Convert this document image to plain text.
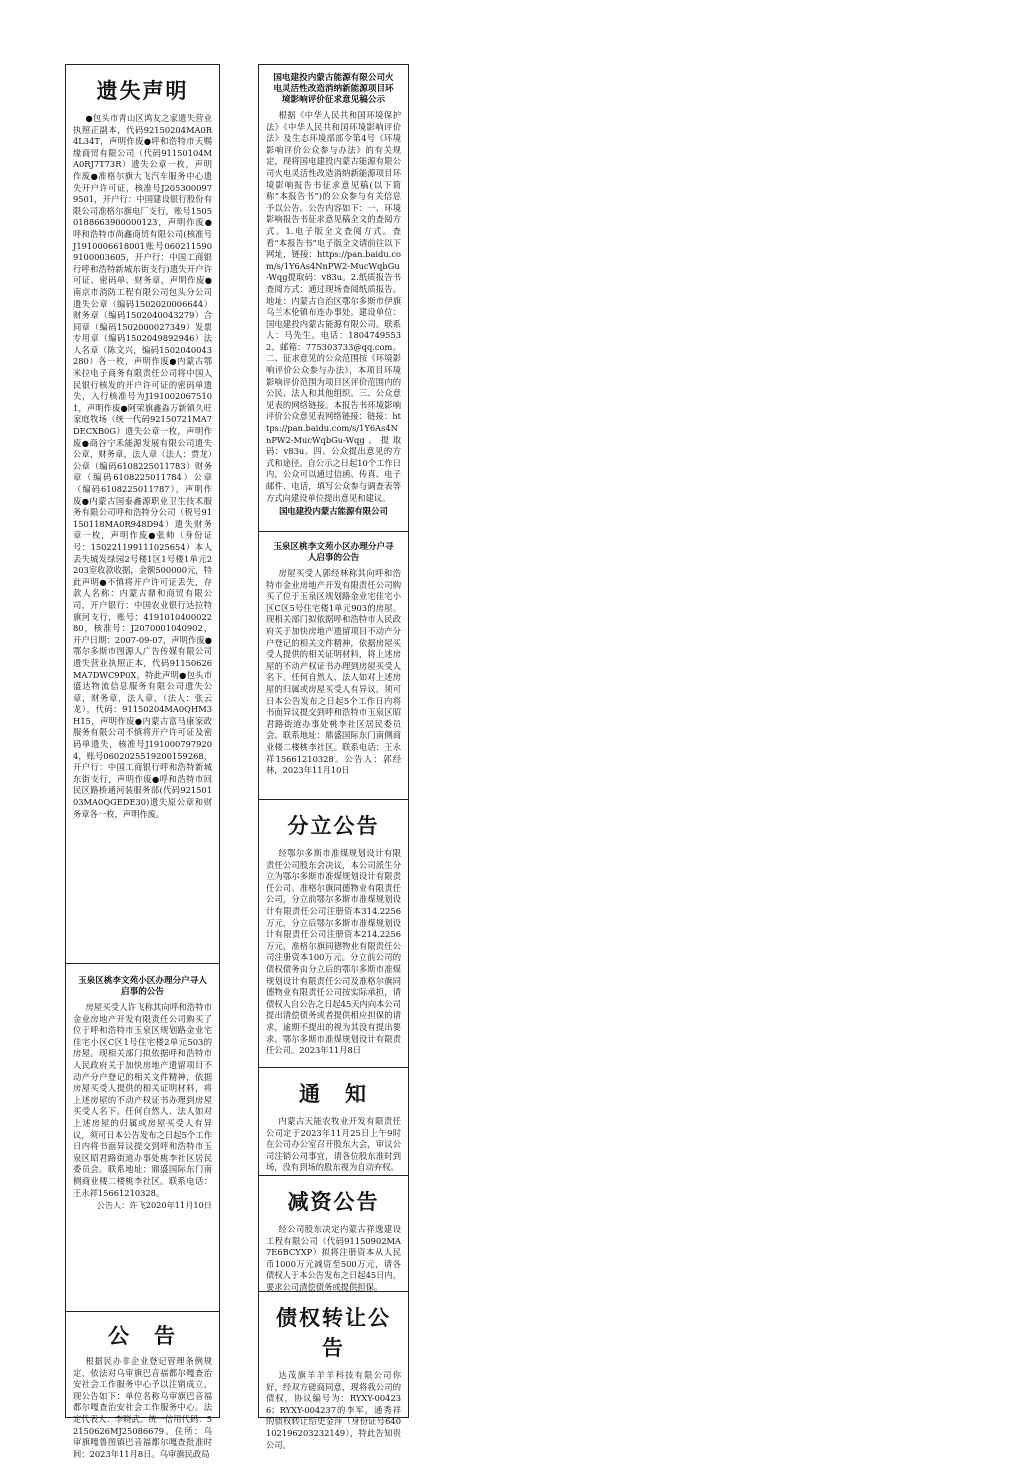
遗失声明

●包头市青山区鸿友之家遗失营业执照正副本，代码92150204MA0R4L34T，声明作废●呼和浩特市天赐缘商贸有限公司（代码91150104MA0RJ7T73R）遗失公章一枚，声明作废●准格尔旗大飞汽车服务中心遗失开户许可证，核准号J2053000979501，开户行：中国建设银行股份有限公司准格尔旗电厂支行，账号15050188663900000123，声明作废●呼和浩特市尚鑫商贸有限公司(核准号J1910006618001账号0602115909100003605，开户行：中国工商银行呼和浩特新城东街支行)遗失开户许可证、密码单、财务章，声明作废●南京市消防工程有限公司包头分公司遗失公章（编码1502020006644）财务章（编码1502040043279）合同章（编码1502000027349）发票专用章（编码1502049892946）法人名章（陈文兴，编码1502040043280）各一枚，声明作废●内蒙古鄂米拉电子商务有限责任公司将中国人民银行核发的开户许可证的密码单遗失，入行核准号为J1910020675101，声明作废●阿荣旗鑫淼万新镇久旺家庭牧场（统一代码92150721MA7DECXB0G）遗失公章一枚，声明作废●商谷宁禾能源发展有限公司遗失公章，财务章，法人章（法人：贾龙）公章（编码6108225011783）财务章（编码6108225011784）公章（编码6108225011787），声明作废●内蒙古国泰鑫源职业卫生技术服务有限公司呼和浩特分公司（税号91150118MA0R948D94）遗失财务章一枚，声明作废●张帅（身份证号：150221199111025654）本人丢失城发绿园2号楼1区1号楼1单元2203室收款收据，金额500000元，特此声明●不慎将开户许可证丢失，存款人名称：内蒙古鼎和商贸有限公司，开户银行：中国农业银行达拉特旗河支行，账号：419101040002280，核准号：J2070001040902，开户日期：2007-09-07，声明作废●鄂尔多斯市图源人广告传媒有限公司遗失营业执照正本，代码91150626MA7DWC9P0X，特此声明●包头市盛达物流信息服务有限公司遗失公章，财务章，法人章，（法人：张云龙），代码：91150204MA0QHM3H15，声明作废●内蒙古富马康家政服务有限公司不慎将开户许可证及密码单遗失，核准号J1910007979204，账号0602025519200159268，开户行：中国工商银行呼和浩特新城东街支行，声明作废●呼和浩特市回民区路桥通河装服务部(代码92150103MA0QGEDE30)遗失原公章和财务章各一枚，声明作废。

玉泉区桃李文苑小区办理分户寻人启事的公告

房屋买受人许飞称其向呼和浩特市金业房地产开发有限责任公司购买了位于呼和浩特市玉泉区规划路金业宅佳宅小区C区1号住宅楼2单元503的房屋。现相关部门拟依据呼和浩特市人民政府关于加快房地产遗留项目不动产分户登记的相关文件精神，依据房屋买受人提供的相关证明材料，将上述房屋的不动产权证书办理到房屋买受人名下。任何自然人、法人如对上述房屋的归属或房屋买受人有异议，须可日本公告发布之日起5个工作日内将书面异议提交到呼和浩特市玉泉区昭君路街道办事处桃李社区居民委员会。联系地址：鼎盛国际东门南侧商业楼二楼桃李社区。联系电话：王永祥15661210328。

公告人：许飞2020年11月10日
公　告

根据民办非企业登记管理条例规定，依法对乌审旗巴音福都尔嘎查治安社会工作服务中心予以注销成立，现公告如下：单位名称乌审旗巴音福都尔嘎查治安社会工作服务中心。法定代表人：李晓武。统一信用代码：52150626MJ25086679。住所：乌审旗嘎鲁图镇巴音福都尔嘎查批准时间：2023年11月8日。乌审旗民政局

国电建投内蒙古能源有限公司火电灵活性改造消纳新能源项目环境影响评价征求意见稿公示

根据《中华人民共和国环境保护法》《中华人民共和国环境影响评价法》及生态环境部部令第4号《环境影响评价公众参与办法》的有关规定，现将国电建投内蒙古能源有限公司火电灵活性改造消纳新能源项目环境影响报告书征求意见稿(以下简称“本报告书”)的公众参与有关信息予以公告。公告内容如下：一、环境影响报告书征求意见稿全文的查阅方式。1.电子版全文查阅方式。查看“本报告书”电子版全文请前往以下网址，链接：https://pan.baidu.com/s/1Y6As4NnPW2-MucWqbGu-Wqg提取码：v83u。2.纸质报告书查阅方式：通过现场查阅纸质报告。地址：内蒙古自治区鄂尔多斯市伊旗乌兰木伦镇布连办事处。建设单位：国电建投内蒙古能源有限公司。联系人：马先生。电话：18047495532。邮箱：775303733@qq.com。二、征求意见的公众范围按《环境影响评价公众参与办法》，本项目环境影响评价范围为项目区评价范围内的公民、法人和其他组织。三、公众意见表的网络链接。本报告书环境影响评价公众意见表网络链接：链接：https://pan.baidu.com/s/1Y6As4NnPW2-MucWqbGu-Wqg。提取码：v83u。四、公众提出意见的方式和途径。自公示之日起10个工作日内，公众可以通过信函、传真、电子邮件、电话，填写公众参与调查表等方式向建设单位提出意见和建议。

国电建投内蒙古能源有限公司
玉泉区桃李文苑小区办理分户寻人启事的公告

房屋买受人郭经林称其向呼和浩特市金业房地产开发有限责任公司购买了位于玉泉区规划路金业宅佳宅小区C区5号住宅楼1单元903的房屋。现相关部门拟依据呼和浩特市人民政府关于加快房地产遗留项目不动产分户登记的相关文件精神，依据房屋买受人提供的相关证明材料，将上述房屋的不动产权证书办理到房屋买受人名下。任何自然人、法人如对上述房屋的归属或房屋买受人有异议，须可日本公告发布之日起5个工作日内将书面异议提交到呼和浩特市玉泉区昭君路街道办事处桃李社区居民委员会。联系地址：鼎盛国际东门南侧商业楼二楼桃李社区。联系电话：王永祥15661210328。公告人：郭经林，2023年11月10日

分立公告

经鄂尔多斯市准煤规划设计有限责任公司股东会决议，本公司派生分立为鄂尔多斯市准煤规划设计有限责任公司、准格尔旗同德物业有限责任公司，分立前鄂尔多斯市准煤规划设计有限责任公司注册资本314.2256万元，分立后鄂尔多斯市准煤规划设计有限责任公司注册资本214.2256万元，准格尔旗同德物业有限责任公司注册资本100万元。分立前公司的债权债务由分立后的鄂尔多斯市准煤规划设计有限责任公司及准格尔旗同德物业有限责任公司按实际承担，请债权人自公告之日起45天内向本公司提出清偿债务或者提供相应担保的请求，逾期不提出的视为其没有提出要求。鄂尔多斯市准煤规划设计有限责任公司。2023年11月8日

通　知

内蒙古天能农牧业开发有限责任公司定于2023年11月25日上午9时在公司办公室召开股东大会，审议公司注销公司事宜，请各位股东准时到场，没有到场的股东视为自动弃权。

减资公告

经公司股东决定内蒙古祥逸建设工程有限公司（代码91150902MA7E6BCYXP）拟将注册资本从人民币1000万元减资至500万元，请各债权人于本公告发布之日起45日内，要求公司清偿债务或提供担保。

债权转让公告

达茂旗羊羊羊科技有限公司你好，经双方磋商同意，现将我公司的债权，协议编号为：RYXY-004236；RYXY-004237的李军，通秀祥的债权转让给史金萍（身份证号640102196203232149），特此告知贵公司。
